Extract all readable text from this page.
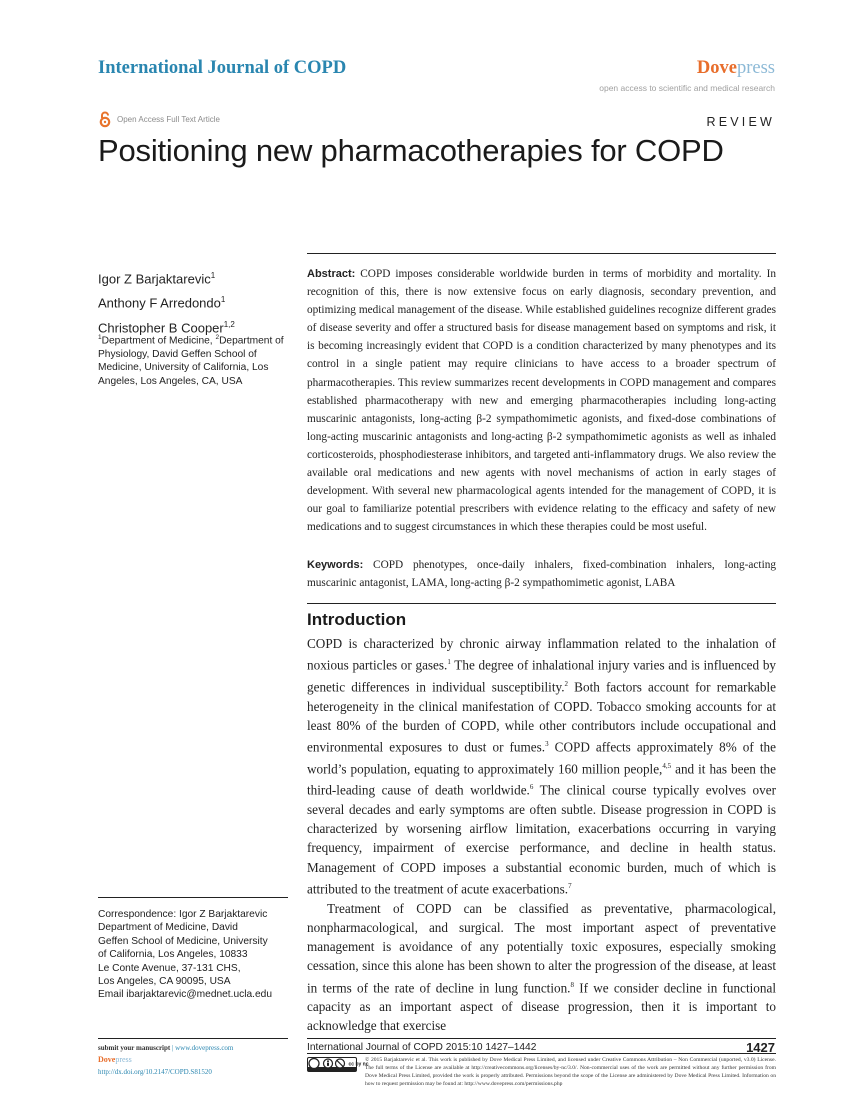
International Journal of COPD	Dovepress
open access to scientific and medical research
Open Access Full Text Article	REVIEW
Positioning new pharmacotherapies for COPD
Igor Z Barjaktarevic$^1$
Anthony F Arredondo$^1$
Christopher B Cooper$^{1,2}$
$^1$Department of Medicine, $^2$Department of Physiology, David Geffen School of Medicine, University of California, Los Angeles, Los Angeles, CA, USA
Abstract: COPD imposes considerable worldwide burden in terms of morbidity and mortality. In recognition of this, there is now extensive focus on early diagnosis, secondary prevention, and optimizing medical management of the disease. While established guidelines recognize different grades of disease severity and offer a structured basis for disease management based on symptoms and risk, it is becoming increasingly evident that COPD is a condition characterized by many phenotypes and its control in a single patient may require clinicians to have access to a broader spectrum of pharmacotherapies. This review summarizes recent developments in COPD management and compares established pharmacotherapy with new and emerging pharmacotherapies including long-acting muscarinic antagonists, long-acting β-2 sympathomimetic agonists, and fixed-dose combinations of long-acting muscarinic antagonists and long-acting β-2 sympathomimetic agonists as well as inhaled corticosteroids, phosphodiesterase inhibitors, and targeted anti-inflammatory drugs. We also review the available oral medications and new agents with novel mechanisms of action in early stages of development. With several new pharmacological agents intended for the management of COPD, it is our goal to familiarize potential prescribers with evidence relating to the efficacy and safety of new medications and to suggest circumstances in which these therapies could be most useful.
Keywords: COPD phenotypes, once-daily inhalers, fixed-combination inhalers, long-acting muscarinic antagonist, LAMA, long-acting β-2 sympathomimetic agonist, LABA
Introduction

COPD is characterized by chronic airway inflammation related to the inhalation of noxious particles or gases.$^1$ The degree of inhalational injury varies and is influenced by genetic differences in individual susceptibility.$^2$ Both factors account for remarkable heterogeneity in the clinical manifestation of COPD. Tobacco smoking accounts for at least 80% of the burden of COPD, while other contributors include occupational and environmental exposures to dust or fumes.$^3$ COPD affects approximately 8% of the world’s population, equating to approximately 160 million people,$^{4,5}$ and it has been the third-leading cause of death worldwide.$^6$ The clinical course typically evolves over several decades and early symptoms are often subtle. Disease progression in COPD is characterized by worsening airflow limitation, exacerbations occurring in varying frequency, impairment of exercise performance, and decline in health status. Management of COPD imposes a substantial economic burden, much of which is attributed to the treatment of acute exacerbations.$^7$

Treatment of COPD can be classified as preventative, pharmacological, nonpharmacological, and surgical. The most important aspect of preventative management is avoidance of any potentially toxic exposures, especially smoking cessation, since this alone has been shown to alter the progression of the disease, at least in terms of the rate of decline in lung function.$^8$ If we consider decline in functional capacity as an important aspect of disease progression, then it is important to acknowledge that exercise

Correspondence: Igor Z Barjaktarevic
Department of Medicine, David
Geffen School of Medicine, University
of California, Los Angeles, 10833
Le Conte Avenue, 37-131 CHS,
Los Angeles, CA 90095, USA
Email ibarjaktarevic@mednet.ucla.edu
submit your manuscript | www.dovepress.com
Dovepress
http://dx.doi.org/10.2147/COPD.S81520
International Journal of COPD 2015:10 1427–1442	1427
cc by nc
© 2015 Barjaktarevic et al. This work is published by Dove Medical Press Limited, and licensed under Creative Commons Attribution – Non Commercial (unported, v3.0) License. The full terms of the License are available at http://creativecommons.org/licenses/by-nc/3.0/. Non-commercial uses of the work are permitted without any further permission from Dove Medical Press Limited, provided the work is properly attributed. Permissions beyond the scope of the License are administered by Dove Medical Press Limited. Information on how to request permission may be found at: http://www.dovepress.com/permissions.php
